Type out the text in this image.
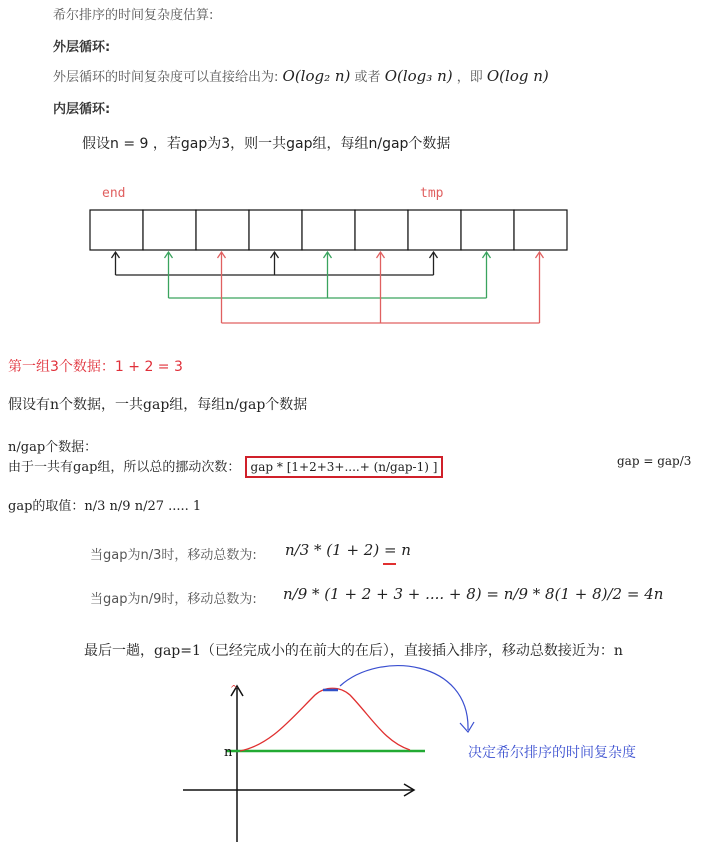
希尔排序的时间复杂度估算:
外层循环:
外层循环的时间复杂度可以直接给出为: O(log₂ n) 或者 O(log₃ n) ，即 O(log n)
内层循环:
假设n = 9 ，若gap为3，则一共gap组，每组n/gap个数据
end	tmp
n
^
第一组3个数据：1 + 2 = 3
假设有n个数据，一共gap组，每组n/gap个数据
n/gap个数据：
由于一共有gap组，所以总的挪动次数： gap * [1+2+3+....+ (n/gap-1) ]	gap = gap/3
gap的取值：n/3 n/9 n/27 ..... 1
当gap为n/3时，移动总数为: n/3 * (1 + 2) = n
当gap为n/9时，移动总数为: n/9 * (1 + 2 + 3 + .... + 8) = n/9 * 8(1 + 8)/2 = 4n
最后一趟，gap=1（已经完成小的在前大的在后），直接插入排序，移动总数接近为：n
决定希尔排序的时间复杂度
